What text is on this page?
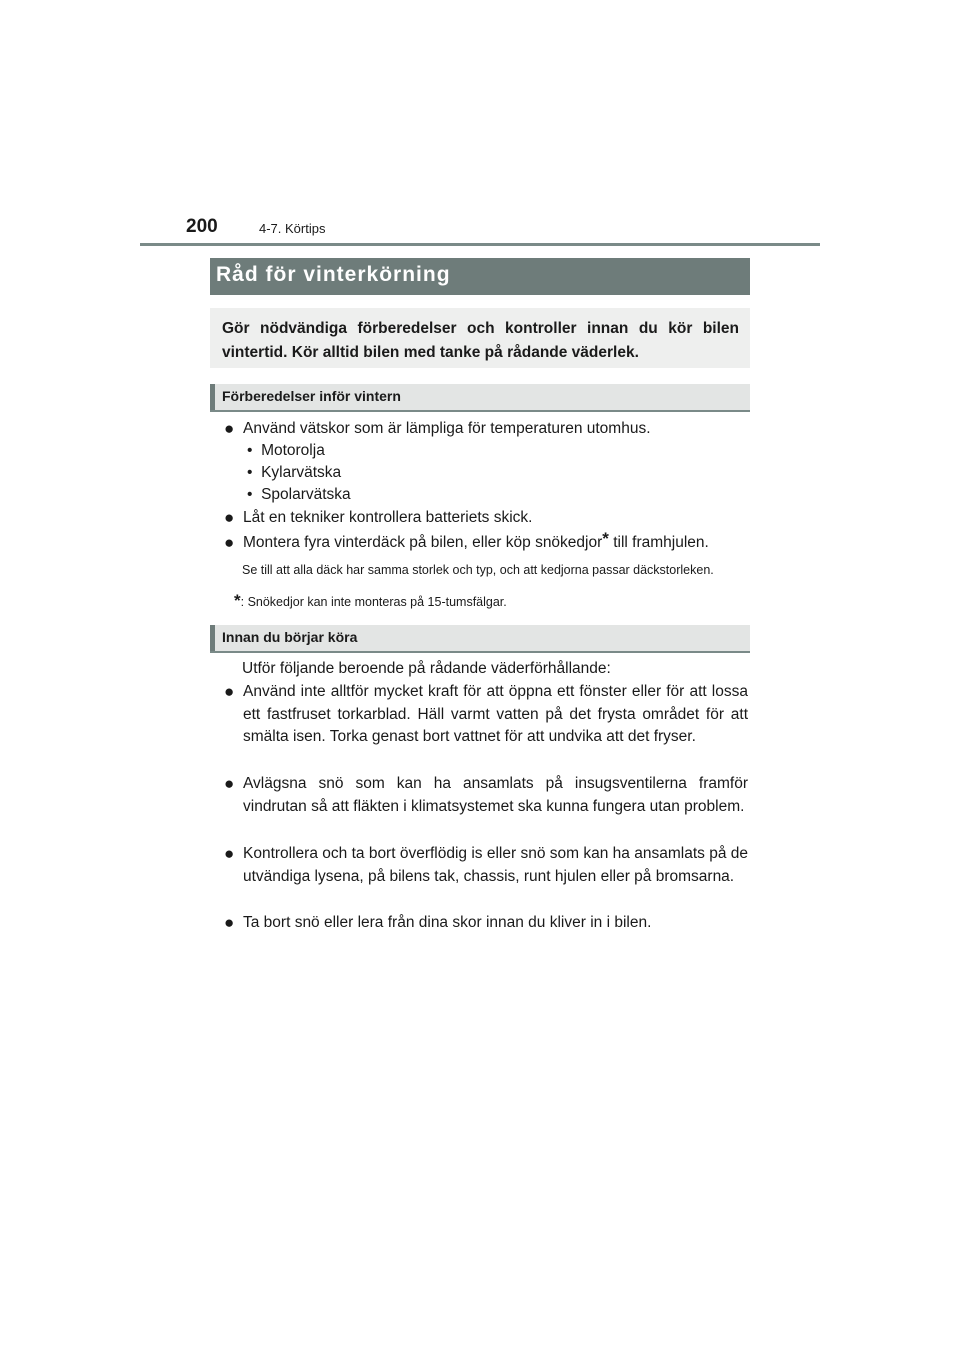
200	4-7. Körtips
Råd för vinterkörning
Gör nödvändiga förberedelser och kontroller innan du kör bilen vintertid. Kör alltid bilen med tanke på rådande väderlek.
Förberedelser inför vintern
● Använd vätskor som är lämpliga för temperaturen utomhus.
• Motorolja
• Kylarvätska
• Spolarvätska
● Låt en tekniker kontrollera batteriets skick.
● Montera fyra vinterdäck på bilen, eller köp snökedjor* till framhjulen.
Se till att alla däck har samma storlek och typ, och att kedjorna passar däckstorleken.
*: Snökedjor kan inte monteras på 15-tumsfälgar.
Innan du börjar köra
Utför följande beroende på rådande väderförhållande:
● Använd inte alltför mycket kraft för att öppna ett fönster eller för att lossa ett fastfruset torkarblad. Häll varmt vatten på det frysta området för att smälta isen. Torka genast bort vattnet för att undvika att det fryser.
● Avlägsna snö som kan ha ansamlats på insugsventilerna framför vindrutan så att fläkten i klimatsystemet ska kunna fungera utan problem.
● Kontrollera och ta bort överflödig is eller snö som kan ha ansamlats på de utvändiga lysena, på bilens tak, chassis, runt hjulen eller på bromsarna.
● Ta bort snö eller lera från dina skor innan du kliver in i bilen.
